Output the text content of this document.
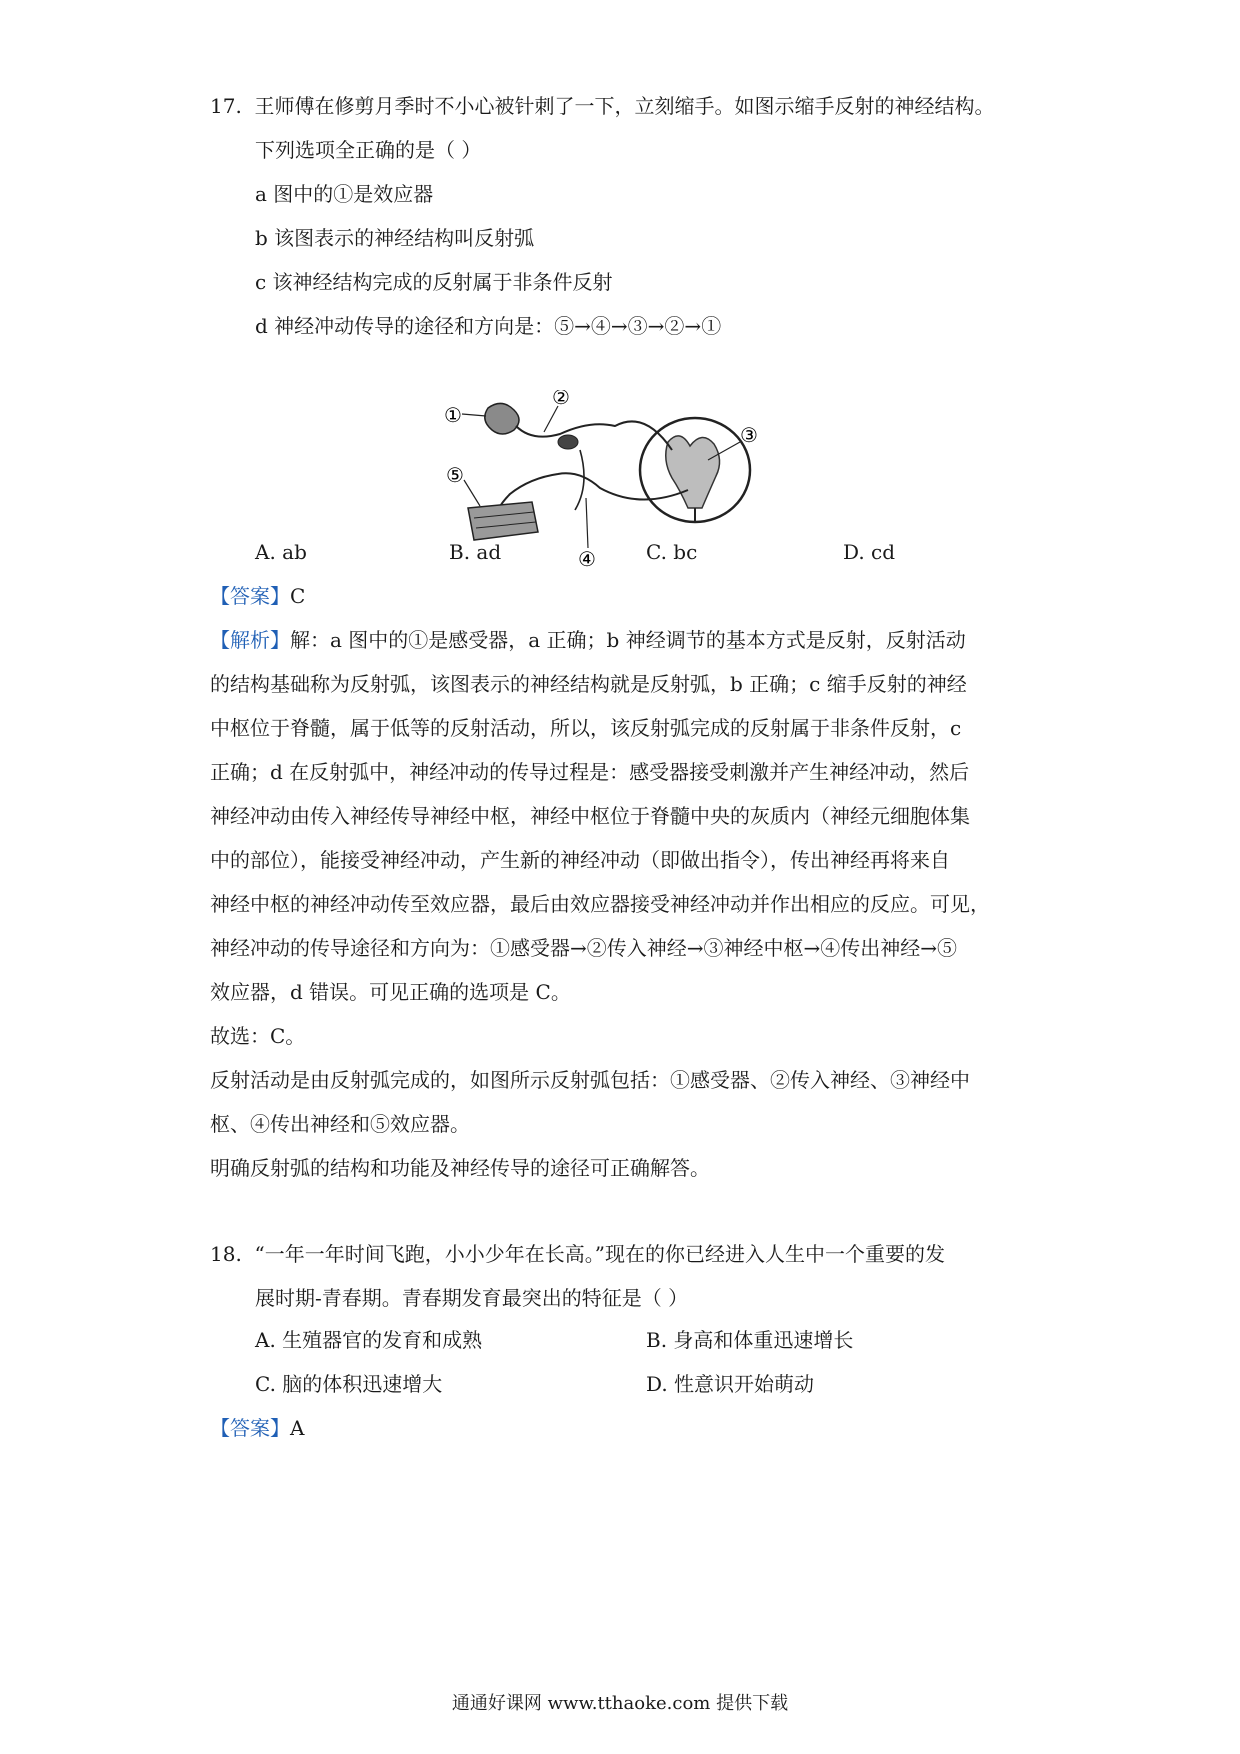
17. 王师傅在修剪月季时不小心被针刺了一下，立刻缩手。如图示缩手反射的神经结构。
下列选项全正确的是（ ）
a 图中的①是效应器
b 该图表示的神经结构叫反射弧
c 该神经结构完成的反射属于非条件反射
d 神经冲动传导的途径和方向是：⑤→④→③→②→①
①
②
③
④
⑤
A. ab	B. ad	C. bc	D. cd
【答案】C
【解析】解：a 图中的①是感受器，a 正确；b 神经调节的基本方式是反射，反射活动
的结构基础称为反射弧，该图表示的神经结构就是反射弧，b 正确；c 缩手反射的神经
中枢位于脊髓，属于低等的反射活动，所以，该反射弧完成的反射属于非条件反射，c
正确；d 在反射弧中，神经冲动的传导过程是：感受器接受刺激并产生神经冲动，然后
神经冲动由传入神经传导神经中枢，神经中枢位于脊髓中央的灰质内（神经元细胞体集
中的部位），能接受神经冲动，产生新的神经冲动（即做出指令），传出神经再将来自
神经中枢的神经冲动传至效应器，最后由效应器接受神经冲动并作出相应的反应。可见，
神经冲动的传导途径和方向为：①感受器→②传入神经→③神经中枢→④传出神经→⑤
效应器，d 错误。可见正确的选项是 C。
故选：C。
反射活动是由反射弧完成的，如图所示反射弧包括：①感受器、②传入神经、③神经中
枢、④传出神经和⑤效应器。
明确反射弧的结构和功能及神经传导的途径可正确解答。
18. “一年一年时间飞跑，小小少年在长高。”现在的你已经进入人生中一个重要的发
展时期-青春期。青春期发育最突出的特征是（ ）
A. 生殖器官的发育和成熟	B. 身高和体重迅速增长
C. 脑的体积迅速增大	D. 性意识开始萌动
【答案】A
通通好课网 www.tthaoke.com 提供下载
